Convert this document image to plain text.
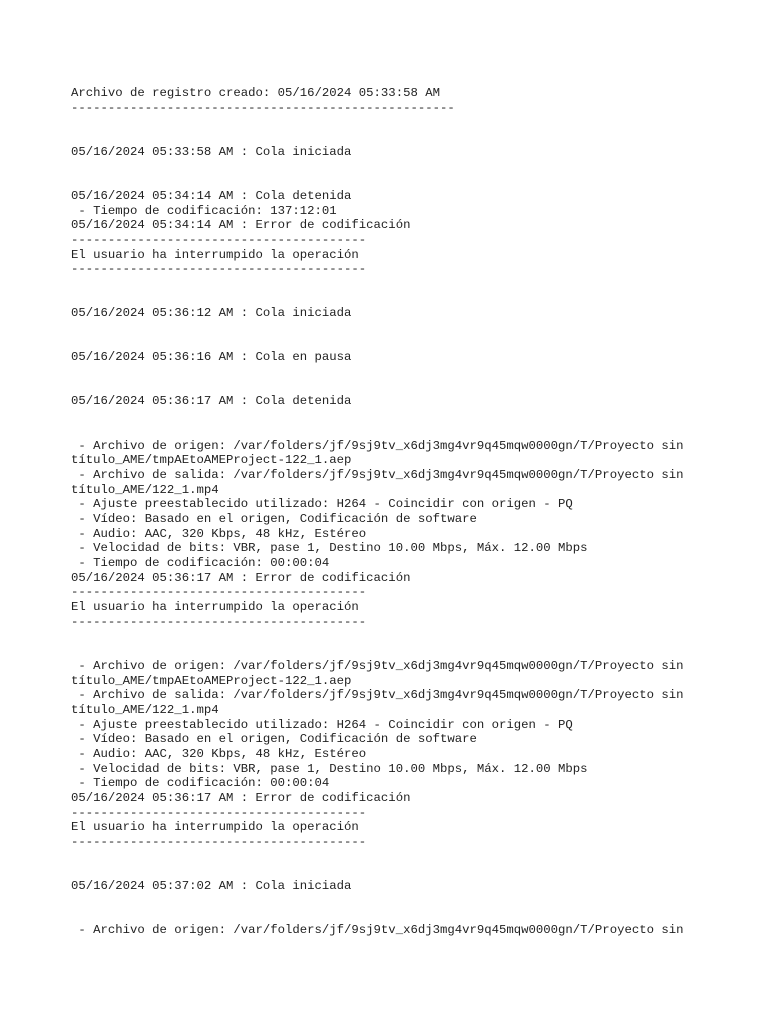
Archivo de registro creado: 05/16/2024 05:33:58 AM
----------------------------------------------------
05/16/2024 05:33:58 AM : Cola iniciada
05/16/2024 05:34:14 AM : Cola detenida
- Tiempo de codificación: 137:12:01
05/16/2024 05:34:14 AM : Error de codificación
----------------------------------------
El usuario ha interrumpido la operación
----------------------------------------
05/16/2024 05:36:12 AM : Cola iniciada
05/16/2024 05:36:16 AM : Cola en pausa
05/16/2024 05:36:17 AM : Cola detenida
- Archivo de origen: /var/folders/jf/9sj9tv_x6dj3mg4vr9q45mqw0000gn/T/Proyecto sin
título_AME/tmpAEtoAMEProject-122_1.aep
- Archivo de salida: /var/folders/jf/9sj9tv_x6dj3mg4vr9q45mqw0000gn/T/Proyecto sin
título_AME/122_1.mp4
- Ajuste preestablecido utilizado: H264 - Coincidir con origen - PQ
- Vídeo: Basado en el origen, Codificación de software
- Audio: AAC, 320 Kbps, 48 kHz, Estéreo
- Velocidad de bits: VBR, pase 1, Destino 10.00 Mbps, Máx. 12.00 Mbps
- Tiempo de codificación: 00:00:04
05/16/2024 05:36:17 AM : Error de codificación
----------------------------------------
El usuario ha interrumpido la operación
----------------------------------------
- Archivo de origen: /var/folders/jf/9sj9tv_x6dj3mg4vr9q45mqw0000gn/T/Proyecto sin
título_AME/tmpAEtoAMEProject-122_1.aep
- Archivo de salida: /var/folders/jf/9sj9tv_x6dj3mg4vr9q45mqw0000gn/T/Proyecto sin
título_AME/122_1.mp4
- Ajuste preestablecido utilizado: H264 - Coincidir con origen - PQ
- Vídeo: Basado en el origen, Codificación de software
- Audio: AAC, 320 Kbps, 48 kHz, Estéreo
- Velocidad de bits: VBR, pase 1, Destino 10.00 Mbps, Máx. 12.00 Mbps
- Tiempo de codificación: 00:00:04
05/16/2024 05:36:17 AM : Error de codificación
----------------------------------------
El usuario ha interrumpido la operación
----------------------------------------
05/16/2024 05:37:02 AM : Cola iniciada
- Archivo de origen: /var/folders/jf/9sj9tv_x6dj3mg4vr9q45mqw0000gn/T/Proyecto sin
